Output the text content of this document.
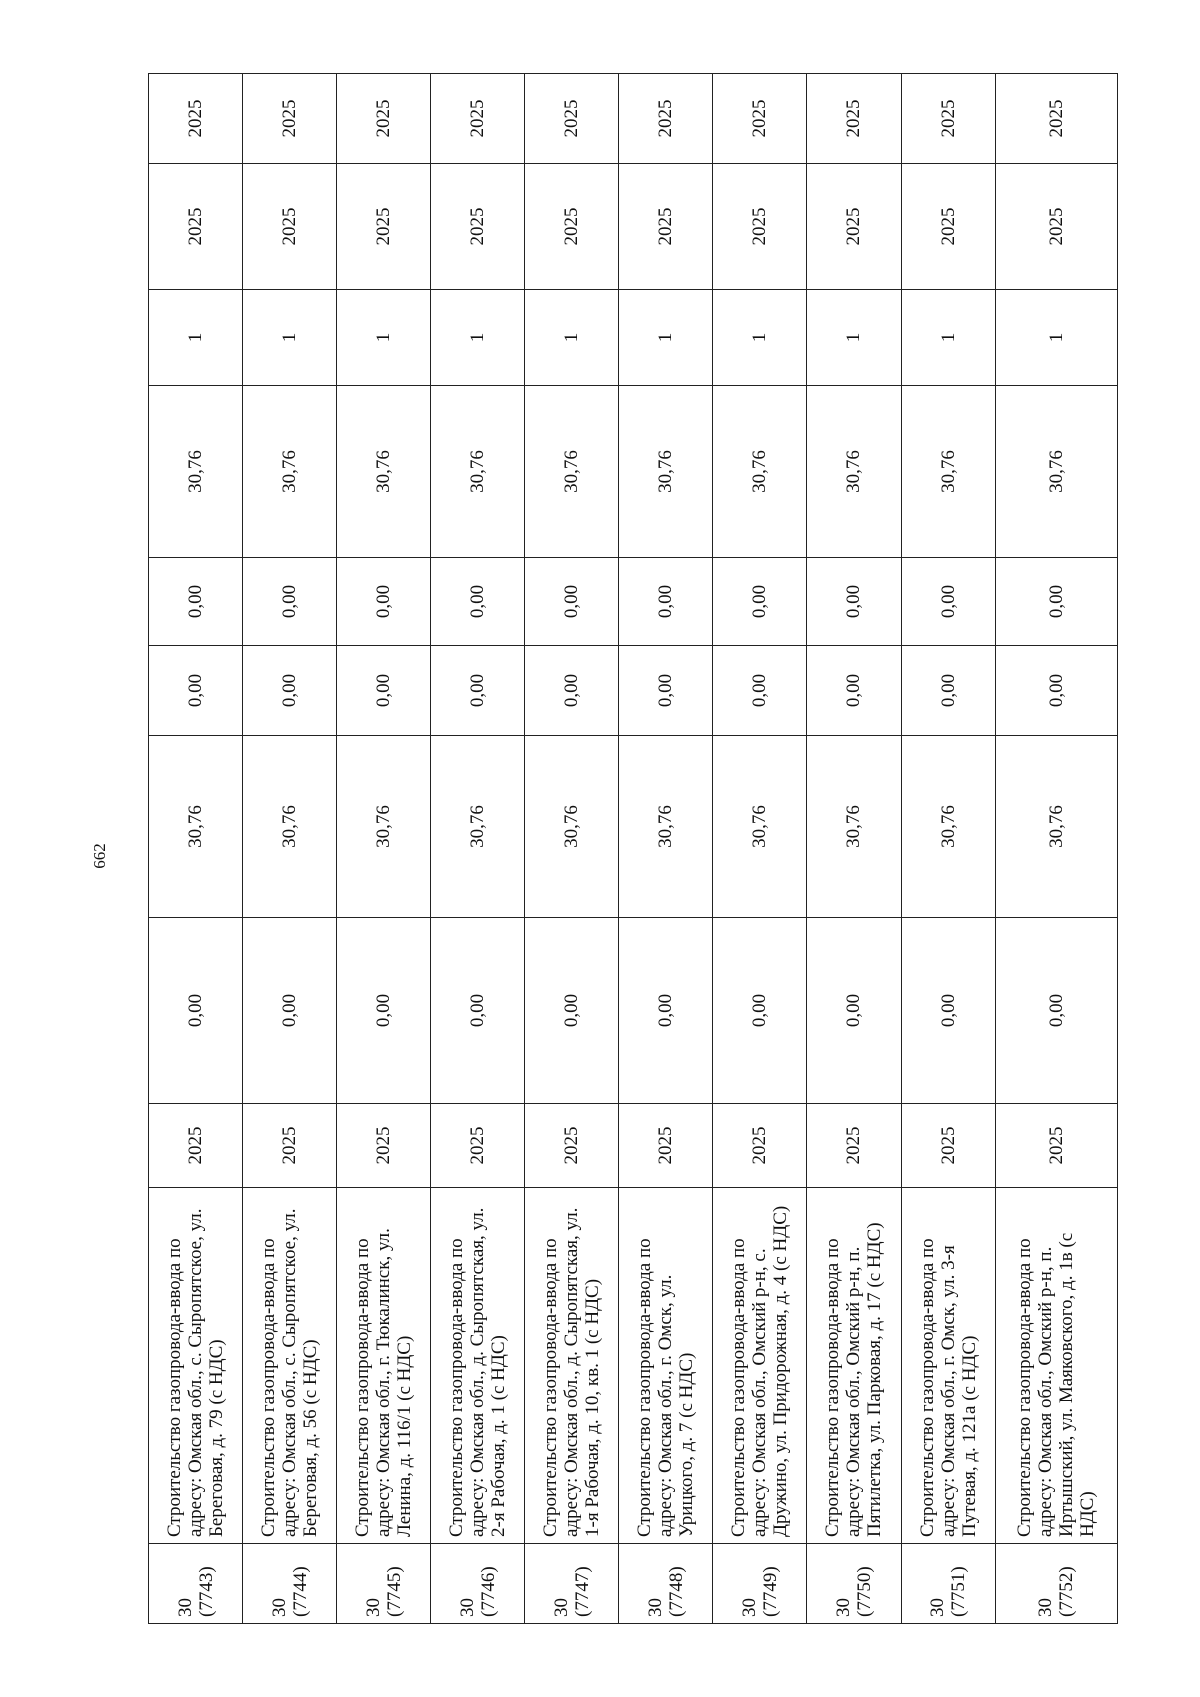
662
30 (7743)	Строительство газопровода-ввода по адресу: Омская обл., с. Сыропятское, ул. Береговая, д. 79 (с НДС)	2025	0,00	30,76	0,00	0,00	30,76	1	2025	2025

30 (7744)	Строительство газопровода-ввода по адресу: Омская обл., с. Сыропятское, ул. Береговая, д. 56 (с НДС)	2025	0,00	30,76	0,00	0,00	30,76	1	2025	2025

30 (7745)	Строительство газопровода-ввода по адресу: Омская обл., г. Тюкалинск, ул. Ленина, д. 116/1 (с НДС)	2025	0,00	30,76	0,00	0,00	30,76	1	2025	2025

30 (7746)	Строительство газопровода-ввода по адресу: Омская обл., д. Сыропятская, ул. 2-я Рабочая, д. 1 (с НДС)	2025	0,00	30,76	0,00	0,00	30,76	1	2025	2025

30 (7747)	Строительство газопровода-ввода по адресу: Омская обл., д. Сыропятская, ул. 1-я Рабочая, д. 10, кв. 1 (с НДС)	2025	0,00	30,76	0,00	0,00	30,76	1	2025	2025

30 (7748)	Строительство газопровода-ввода по адресу: Омская обл., г. Омск, ул. Урицкого, д. 7 (с НДС)	2025	0,00	30,76	0,00	0,00	30,76	1	2025	2025

30 (7749)	Строительство газопровода-ввода по адресу: Омская обл., Омский р-н, с. Дружино, ул. Придорожная, д. 4 (с НДС)	2025	0,00	30,76	0,00	0,00	30,76	1	2025	2025

30 (7750)	Строительство газопровода-ввода по адресу: Омская обл., Омский р-н, п. Пятилетка, ул. Парковая, д. 17 (с НДС)	2025	0,00	30,76	0,00	0,00	30,76	1	2025	2025

30 (7751)	Строительство газопровода-ввода по адресу: Омская обл., г. Омск, ул. 3-я Путевая, д. 121а (с НДС)	2025	0,00	30,76	0,00	0,00	30,76	1	2025	2025

30 (7752)	Строительство газопровода-ввода по адресу: Омская обл., Омский р-н, п. Иртышский, ул. Маяковского, д. 1в (с НДС)	2025	0,00	30,76	0,00	0,00	30,76	1	2025	2025
